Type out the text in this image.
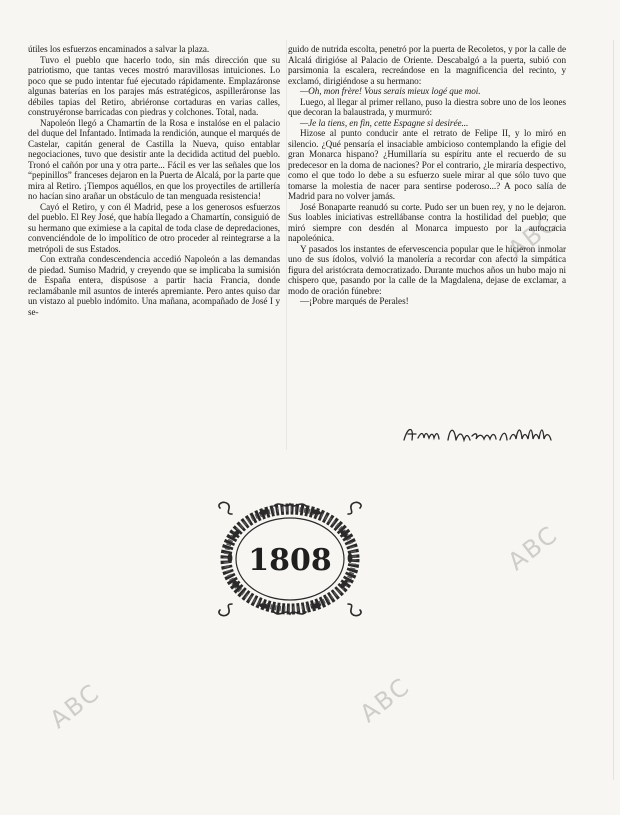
útiles los esfuerzos encaminados a salvar la plaza.

Tuvo el pueblo que hacerlo todo, sin más dirección que su patriotismo, que tantas veces mostró maravillosas intuiciones. Lo poco que se pudo intentar fué ejecutado rápidamente. Emplazáronse algunas baterías en los parajes más estratégicos, aspilleráronse las débiles tapias del Retiro, abriéronse cortaduras en varias calles, construyéronse barricadas con piedras y colchones. Total, nada.

Napoleón llegó a Chamartín de la Rosa e instalóse en el palacio del duque del Infantado. Intimada la rendición, aunque el marqués de Castelar, capitán general de Castilla la Nueva, quiso entablar negociaciones, tuvo que desistir ante la decidida actitud del pueblo. Tronó el cañón por una y otra parte... Fácil es ver las señales que los “pepinillos” franceses dejaron en la Puerta de Alcalá, por la parte que mira al Retiro. ¡Tiempos aquéllos, en que los proyectiles de artillería no hacían sino arañar un obstáculo de tan menguada resistencia!

Cayó el Retiro, y con él Madrid, pese a los generosos esfuerzos del pueblo. El Rey José, que había llegado a Chamartín, consiguió de su hermano que eximiese a la capital de toda clase de depredaciones, convenciéndole de lo impolítico de otro proceder al reintegrarse a la metrópoli de sus Estados.

Con extraña condescendencia accedió Napoleón a las demandas de piedad. Sumiso Madrid, y creyendo que se implicaba la sumisión de España entera, dispúsose a partir hacia Francia, donde reclamábanle mil asuntos de interés apremiante. Pero antes quiso dar un vistazo al pueblo indómito. Una mañana, acompañado de José I y se-

guido de nutrida escolta, penetró por la puerta de Recoletos, y por la calle de Alcalá dirigióse al Palacio de Oriente. Descabalgó a la puerta, subió con parsimonia la escalera, recreándose en la magnificencia del recinto, y exclamó, dirigiéndose a su hermano:

—Oh, mon frère! Vous serais mieux logé que moi.

Luego, al llegar al primer rellano, puso la diestra sobre uno de los leones que decoran la balaustrada, y murmuró:

—Je la tiens, en fin, cette Espagne si desirée...

Hizose al punto conducir ante el retrato de Felipe II, y lo miró en silencio. ¿Qué pensaría el insaciable ambicioso contemplando la efigie del gran Monarca hispano? ¿Humillaría su espíritu ante el recuerdo de su predecesor en la doma de naciones? Por el contrario, ¿le miraría despectivo, como el que todo lo debe a su esfuerzo suele mirar al que sólo tuvo que tomarse la molestia de nacer para sentirse poderoso...? A poco salía de Madrid para no volver jamás.

José Bonaparte reanudó su corte. Pudo ser un buen rey, y no le dejaron. Sus loables iniciativas estrellábanse contra la hostilidad del pueblo, que miró siempre con desdén al Monarca impuesto por la autocracia napoleónica.

Y pasados los instantes de efervescencia popular que le hicieron inmolar uno de sus ídolos, volvió la manolería a recordar con afecto la simpática figura del aristócrata democratizado. Durante muchos años un hubo majo ni chispero que, pasando por la calle de la Magdalena, dejase de exclamar, a modo de oración fúnebre:

—¡Pobre marqués de Perales!

1808
ABC
ABC
ABC	ABC
